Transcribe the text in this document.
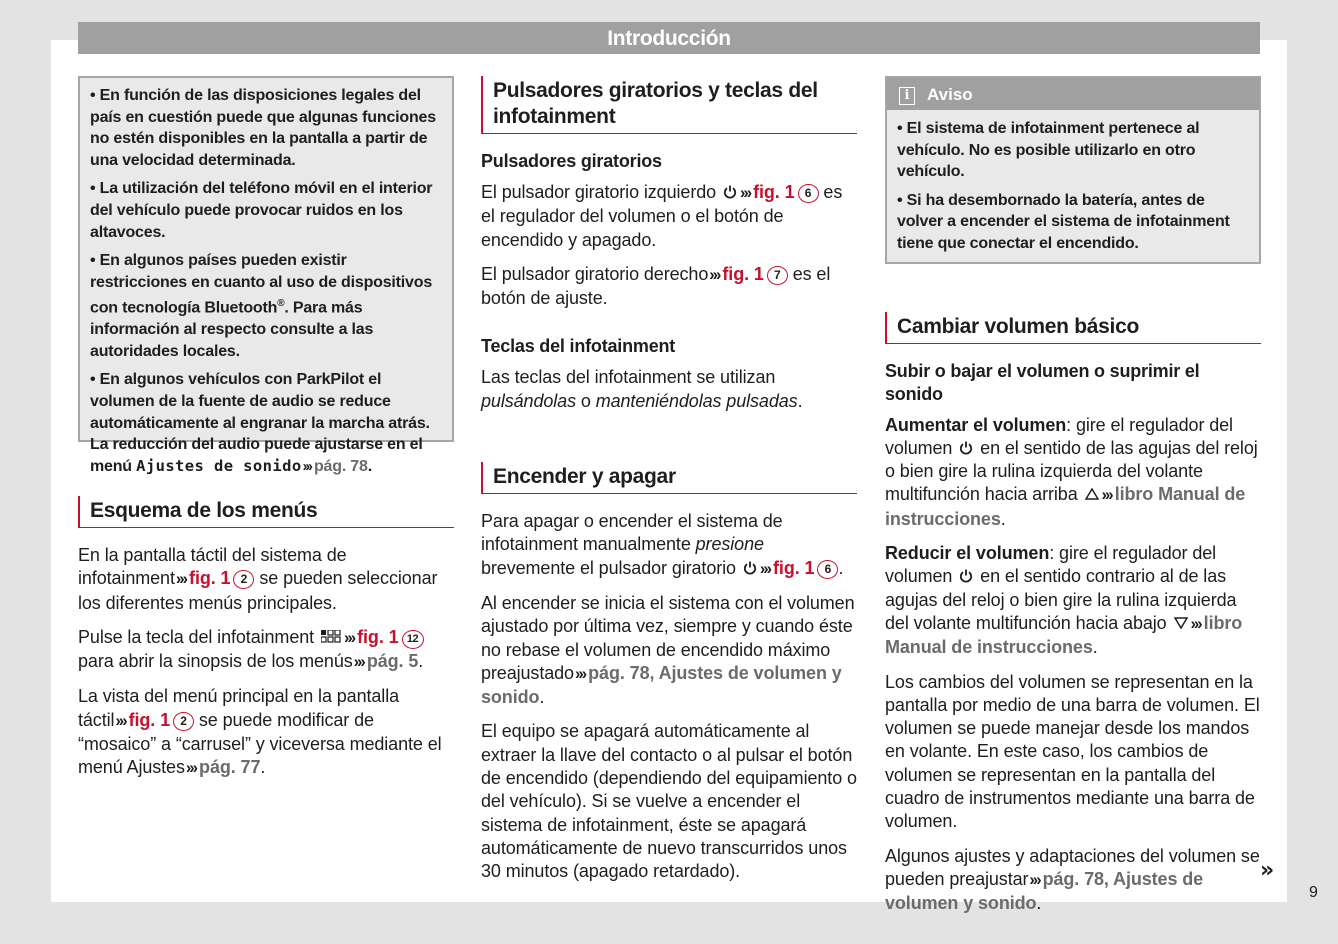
Introducción

• En función de las disposiciones legales del país en cuestión puede que algunas funciones no estén disponibles en la pantalla a partir de una velocidad determinada.

• La utilización del teléfono móvil en el interior del vehículo puede provocar ruidos en los altavoces.

• En algunos países pueden existir restricciones en cuanto al uso de dispositivos con tecnología Bluetooth®. Para más información al respecto consulte a las autoridades locales.

• En algunos vehículos con ParkPilot el volumen de la fuente de audio se reduce automáticamente al engranar la marcha atrás. La reducción del audio puede ajustarse en el menú Ajustes de sonido››› pág. 78.

Esquema de los menús

En la pantalla táctil del sistema de infotainment››› fig. 1 2 se pueden seleccionar los diferentes menús principales.

Pulse la tecla del infotainment ››› fig. 1 12 para abrir la sinopsis de los menús››› pág. 5.

La vista del menú principal en la pantalla táctil››› fig. 1 2 se puede modificar de “mosaico” a “carrusel” y viceversa mediante el menú Ajustes››› pág. 77.

Pulsadores giratorios y teclas del infotainment
Pulsadores giratorios

El pulsador giratorio izquierdo ››› fig. 1 6 es el regulador del volumen o el botón de encendido y apagado.

El pulsador giratorio derecho››› fig. 1 7 es el botón de ajuste.

Teclas del infotainment

Las teclas del infotainment se utilizan pulsándolas o manteniéndolas pulsadas.

Encender y apagar

Para apagar o encender el sistema de infotainment manualmente presione brevemente el pulsador giratorio ››› fig. 1 6 .

Al encender se inicia el sistema con el volumen ajustado por última vez, siempre y cuando éste no rebase el volumen de encendido máximo preajustado››› pág. 78, Ajustes de volumen y sonido.

El equipo se apagará automáticamente al extraer la llave del contacto o al pulsar el botón de encendido (dependiendo del equipamiento o del vehículo). Si se vuelve a encender el sistema de infotainment, éste se apagará automáticamente de nuevo transcurridos unos 30 minutos (apagado retardado).

i Aviso

• El sistema de infotainment pertenece al vehículo. No es posible utilizarlo en otro vehículo.

• Si ha desembornado la batería, antes de volver a encender el sistema de infotainment tiene que conectar el encendido.

Cambiar volumen básico
Subir o bajar el volumen o suprimir el sonido

Aumentar el volumen: gire el regulador del volumen en el sentido de las agujas del reloj o bien gire la rulina izquierda del volante multifunción hacia arriba ››› libro Manual de instrucciones.

Reducir el volumen: gire el regulador del volumen en el sentido contrario al de las agujas del reloj o bien gire la rulina izquierda del volante multifunción hacia abajo ››› libro Manual de instrucciones.

Los cambios del volumen se representan en la pantalla por medio de una barra de volumen. El volumen se puede manejar desde los mandos en volante. En este caso, los cambios de volumen se representan en la pantalla del cuadro de instrumentos mediante una barra de volumen.

Algunos ajustes y adaptaciones del volumen se pueden preajustar››› pág. 78, Ajustes de volumen y sonido.

»
9
